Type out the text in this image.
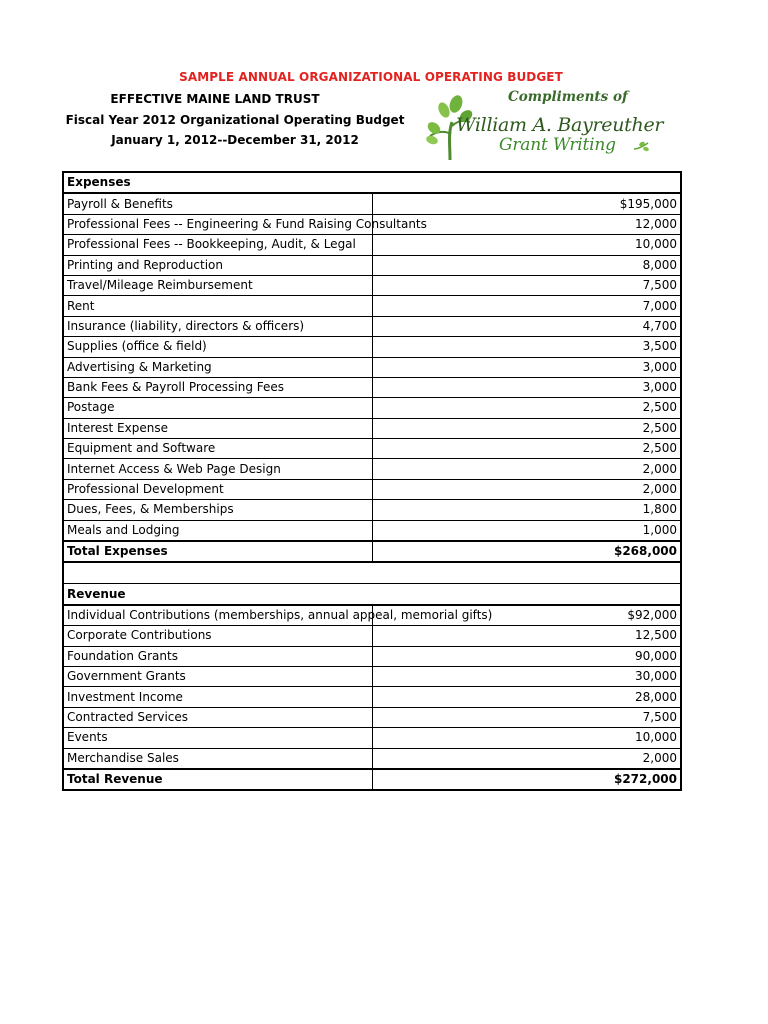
SAMPLE ANNUAL ORGANIZATIONAL OPERATING BUDGET
EFFECTIVE MAINE LAND TRUST
Fiscal Year 2012 Organizational Operating Budget
January 1, 2012--December 31, 2012
Compliments of
William A. Bayreuther
Grant Writing
Expenses	
Payroll & Benefits	$195,000
Professional Fees -- Engineering & Fund Raising Consultants	12,000
Professional Fees -- Bookkeeping, Audit, & Legal	10,000
Printing and Reproduction	8,000
Travel/Mileage Reimbursement	7,500
Rent	7,000
Insurance (liability, directors & officers)	4,700
Supplies (office & field)	3,500
Advertising & Marketing	3,000
Bank Fees & Payroll Processing Fees	3,000
Postage	2,500
Interest Expense	2,500
Equipment and Software	2,500
Internet Access & Web Page Design	2,000
Professional Development	2,000
Dues, Fees, & Memberships	1,800
Meals and Lodging	1,000
Total Expenses	$268,000

Revenue	
Individual Contributions (memberships, annual appeal, memorial gifts)	$92,000
Corporate Contributions	12,500
Foundation Grants	90,000
Government Grants	30,000
Investment Income	28,000
Contracted Services	7,500
Events	10,000
Merchandise Sales	2,000
Total Revenue	$272,000
